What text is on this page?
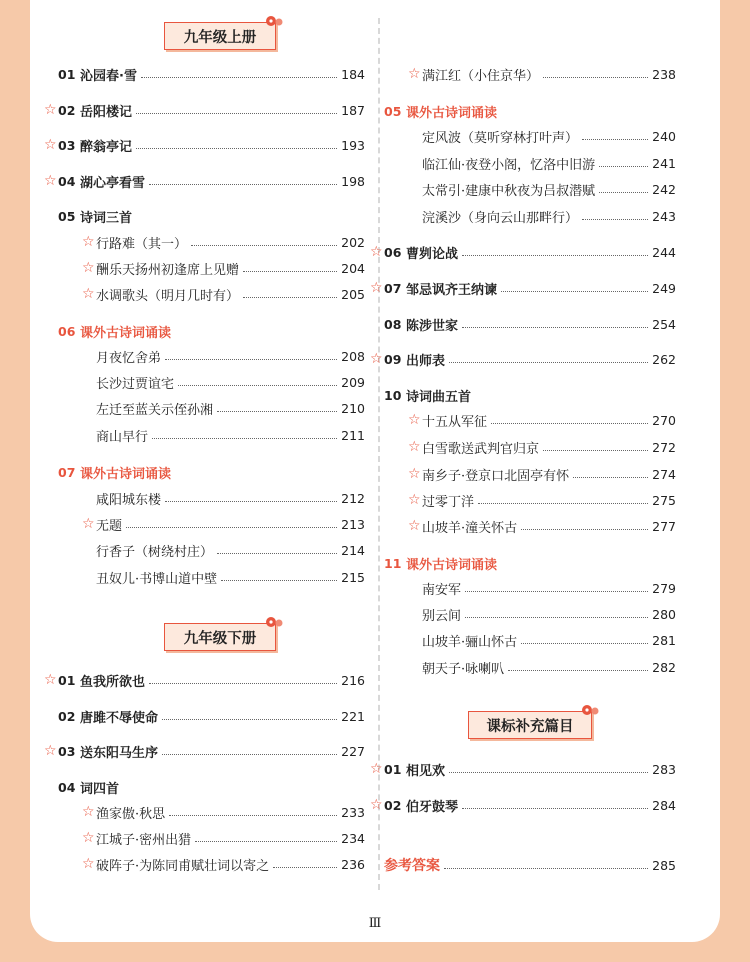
九年级上册
九年级下册
课标补充篇目
01 沁园春·雪	184
☆ 02 岳阳楼记	187
☆ 03 醉翁亭记	193
☆ 04 湖心亭看雪	198
05 诗词三首
☆ 行路难（其一）	202
☆ 酬乐天扬州初逢席上见赠	204
☆ 水调歌头（明月几时有）	205
06 课外古诗词诵读
月夜忆舍弟	208
长沙过贾谊宅	209
左迁至蓝关示侄孙湘	210
商山早行	211
07 课外古诗词诵读
咸阳城东楼	212
☆ 无题	213
行香子（树绕村庄）	214
丑奴儿·书博山道中壁	215
☆ 01 鱼我所欲也	216
02 唐雎不辱使命	221
☆ 03 送东阳马生序	227
04 词四首
☆ 渔家傲·秋思	233
☆ 江城子·密州出猎	234
☆ 破阵子·为陈同甫赋壮词以寄之	236
☆ 满江红（小住京华）	238
05 课外古诗词诵读
定风波（莫听穿林打叶声）	240
临江仙·夜登小阁，忆洛中旧游	241
太常引·建康中秋夜为吕叔潜赋	242
浣溪沙（身向云山那畔行）	243
☆ 06 曹刿论战	244
☆ 07 邹忌讽齐王纳谏	249
08 陈涉世家	254
☆ 09 出师表	262
10 诗词曲五首
☆ 十五从军征	270
☆ 白雪歌送武判官归京	272
☆ 南乡子·登京口北固亭有怀	274
☆ 过零丁洋	275
☆ 山坡羊·潼关怀古	277
11 课外古诗词诵读
南安军	279
别云间	280
山坡羊·骊山怀古	281
朝天子·咏喇叭	282
☆ 01 相见欢	283
☆ 02 伯牙鼓琴	284
参考答案	285
Ⅲ
